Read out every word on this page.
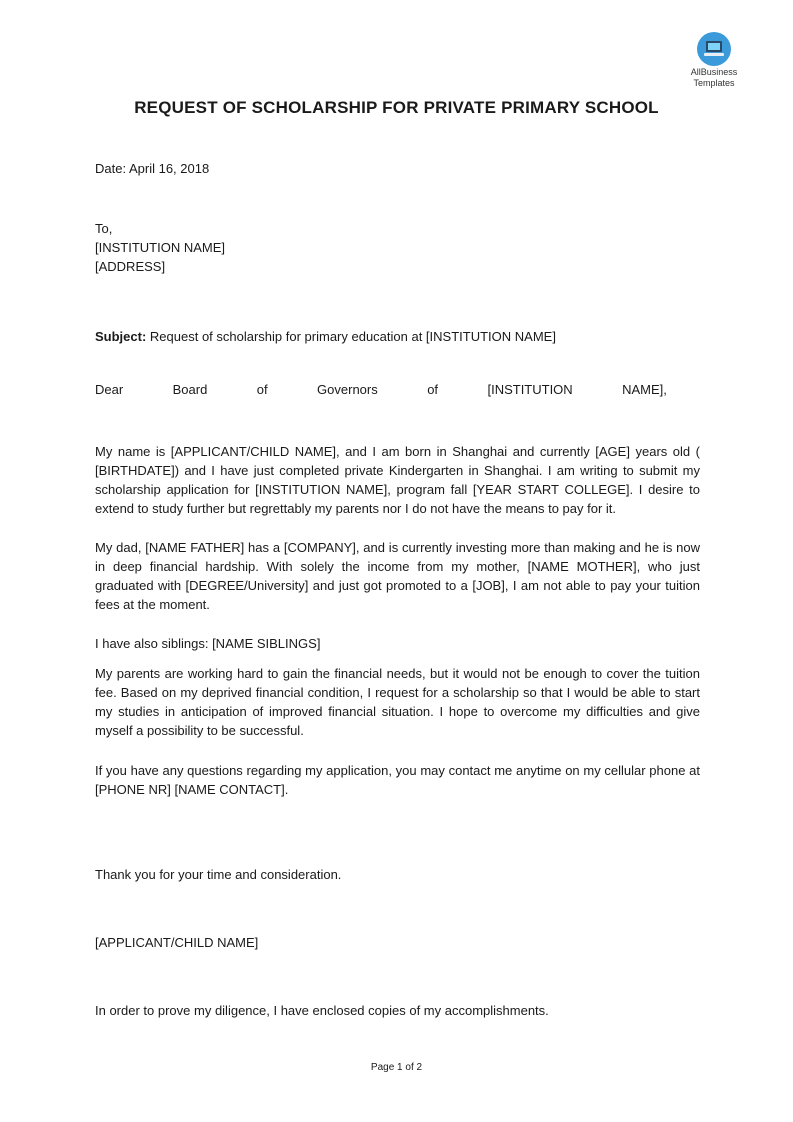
AllBusiness
Templates
REQUEST OF SCHOLARSHIP FOR PRIVATE PRIMARY SCHOOL
Date: April 16, 2018
To,
[INSTITUTION NAME]
[ADDRESS]
Subject: Request of scholarship for primary education at [INSTITUTION NAME]
Dear	Board	of	Governors	of	[INSTITUTION	NAME],
My name is [APPLICANT/CHILD NAME], and I am born in Shanghai and currently [AGE] years old ( [BIRTHDATE]) and I have just completed private Kindergarten in Shanghai. I am writing to submit my scholarship application for [INSTITUTION NAME], program fall [YEAR START COLLEGE]. I desire to extend to study further but regrettably my parents nor I do not have the means to pay for it.
My dad, [NAME FATHER] has a [COMPANY], and is currently investing more than making and he is now in deep financial hardship. With solely the income from my mother, [NAME MOTHER], who just graduated with [DEGREE/University] and just got promoted to a [JOB], I am not able to pay your tuition fees at the moment.
I have also siblings: [NAME SIBLINGS]
My parents are working hard to gain the financial needs, but it would not be enough to cover the tuition fee. Based on my deprived financial condition, I request for a scholarship so that I would be able to start my studies in anticipation of improved financial situation. I hope to overcome my difficulties and give myself a possibility to be successful.
If you have any questions regarding my application, you may contact me anytime on my cellular phone at [PHONE NR] [NAME CONTACT].
Thank you for your time and consideration.
[APPLICANT/CHILD NAME]
In order to prove my diligence, I have enclosed copies of my accomplishments.
Page 1 of 2
